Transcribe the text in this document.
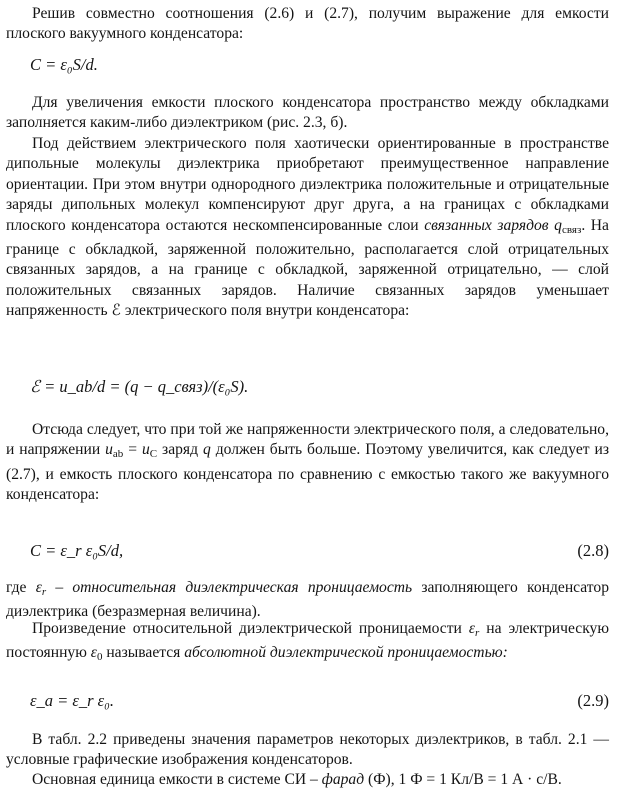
Решив совместно соотношения (2.6) и (2.7), получим выражение для емкости плоского вакуумного конденсатора:

C = ε₀S/d.

Для увеличения емкости плоского конденсатора пространство между обкладками заполняется каким-либо диэлектриком (рис. 2.3, б).

Под действием электрического поля хаотически ориентированные в пространстве дипольные молекулы диэлектрика приобретают преимущественное направление ориентации. При этом внутри однородного диэлектрика положительные и отрицательные заряды дипольных молекул компенсируют друг друга, а на границах с обкладками плоского конденсатора остаются нескомпенсированные слои связанных зарядов $q_{связ}$. На границе с обкладкой, заряженной положительно, располагается слой отрицательных связанных зарядов, а на границе с обкладкой, заряженной отрицательно, — слой положительных связанных зарядов. Наличие связанных зарядов уменьшает напряженность ℰ электрического поля внутри конденсатора:

ℰ = u_ab/d = (q − q_связ)/(ε₀S).

Отсюда следует, что при той же напряженности электрического поля, а следовательно, и напряжении $u_{ab} = u_C$ заряд q должен быть больше. Поэтому увеличится, как следует из (2.7), и емкость плоского конденсатора по сравнению с емкостью такого же вакуумного конденсатора:

C = ε_r ε₀S/d,	(2.8)

где $\varepsilon_r$ – относительная диэлектрическая проницаемость заполняющего конденсатор диэлектрика (безразмерная величина).

Произведение относительной диэлектрической проницаемости $\varepsilon_r$ на электрическую постоянную $\varepsilon_0$ называется абсолютной диэлектрической проницаемостью:

ε_a = ε_r ε₀.	(2.9)

В табл. 2.2 приведены значения параметров некоторых диэлектриков, в табл. 2.1 — условные графические изображения конденсаторов.

Основная единица емкости в системе СИ – фарад (Ф), 1 Ф = 1 Кл/В = 1 А · с/В.
